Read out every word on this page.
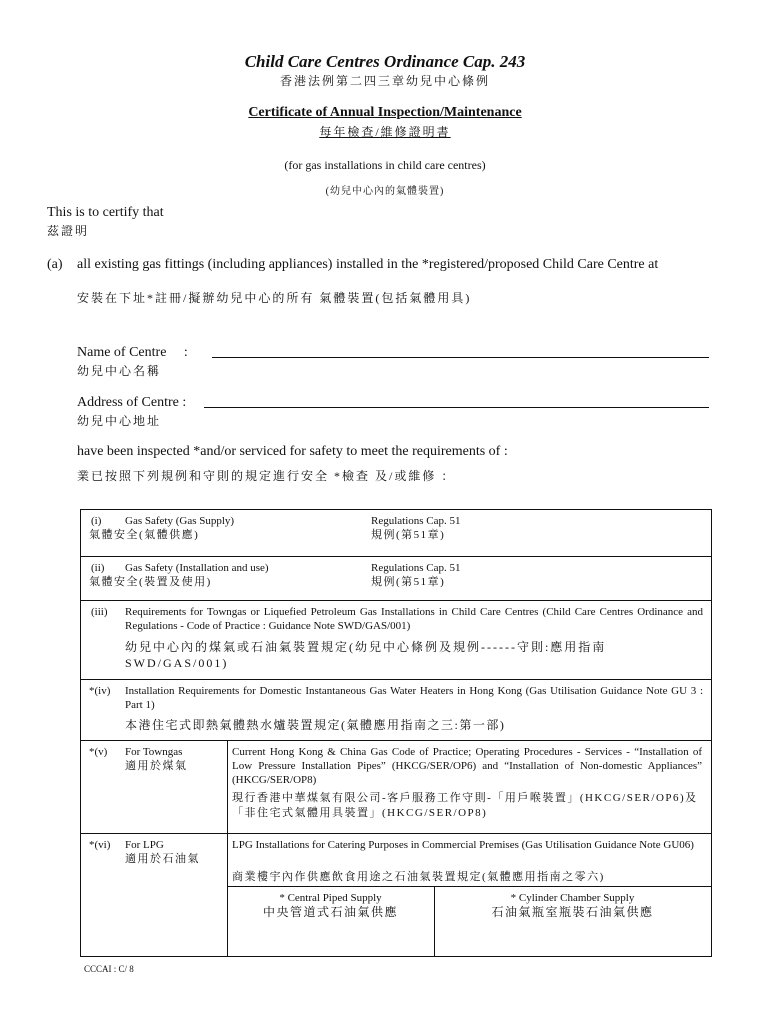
Child Care Centres Ordinance Cap. 243
香港法例第二四三章幼兒中心條例
Certificate of Annual Inspection/Maintenance
每年檢查/維修證明書
(for gas installations in child care centres)
(幼兒中心內的氣體裝置)
This is to certify that
茲證明
(a) all existing gas fittings (including appliances) installed in the *registered/proposed Child Care Centre at
安裝在下址*註冊/擬辦幼兒中心的所有 氣體裝置(包括氣體用具)
Name of Centre     :
幼兒中心名稱
Address of Centre :
幼兒中心地址
have been inspected *and/or serviced for safety to meet the requirements of :
業已按照下列規例和守則的規定進行安全 *檢查 及/或維修 ：
(i) Gas Safety (Gas Supply)
氣體安全(氣體供應)
Regulations Cap. 51
規例(第51章)
(ii) Gas Safety (Installation and use)
氣體安全(裝置及使用)
Regulations Cap. 51
規例(第51章)
(iii) Requirements for Towngas or Liquefied Petroleum Gas Installations in Child Care Centres (Child Care Centres Ordinance and Regulations - Code of Practice : Guidance Note SWD/GAS/001)
幼兒中心內的煤氣或石油氣裝置規定(幼兒中心條例及規例------守則:應用指南 SWD/GAS/001)
*(iv) Installation Requirements for Domestic Instantaneous Gas Water Heaters in Hong Kong (Gas Utilisation Guidance Note GU 3 : Part 1)
本港住宅式即熱氣體熱水爐裝置規定(氣體應用指南之三:第一部)
*(v) For Towngas
適用於煤氣
Current Hong Kong & China Gas Code of Practice; Operating Procedures - Services - “Installation of Low Pressure Installation Pipes” (HKCG/SER/OP6) and “Installation of Non-domestic Appliances” (HKCG/SER/OP8)
現行香港中華煤氣有限公司-客戶服務工作守則-「用戶喉裝置」(HKCG/SER/OP6)及「非住宅式氣體用具裝置」(HKCG/SER/OP8)
*(vi) For LPG
適用於石油氣
LPG Installations for Catering Purposes in Commercial Premises (Gas Utilisation Guidance Note GU06)
商業樓宇內作供應飲食用途之石油氣裝置規定(氣體應用指南之零六)
* Central Piped Supply
中央管道式石油氣供應
* Cylinder Chamber Supply
石油氣瓶室瓶裝石油氣供應
CCCAI : C/ 8
